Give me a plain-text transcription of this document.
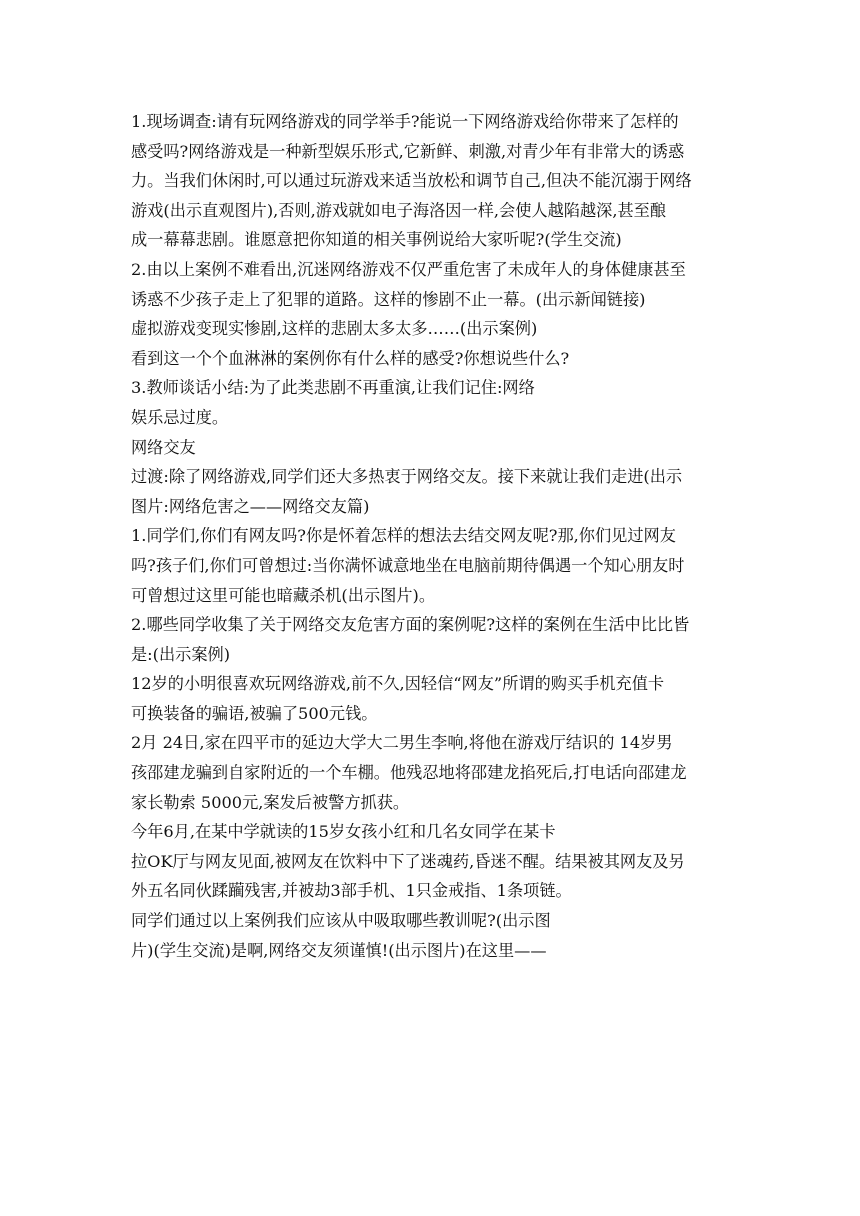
1.现场调查:请有玩网络游戏的同学举手?能说一下网络游戏给你带来了怎样的
感受吗?网络游戏是一种新型娱乐形式,它新鲜、刺激,对青少年有非常大的诱惑
力。当我们休闲时,可以通过玩游戏来适当放松和调节自己,但决不能沉溺于网络
游戏(出示直观图片),否则,游戏就如电子海洛因一样,会使人越陷越深,甚至酿
成一幕幕悲剧。谁愿意把你知道的相关事例说给大家听呢?(学生交流)
2.由以上案例不难看出,沉迷网络游戏不仅严重危害了未成年人的身体健康甚至
诱惑不少孩子走上了犯罪的道路。这样的惨剧不止一幕。(出示新闻链接)
虚拟游戏变现实惨剧,这样的悲剧太多太多……(出示案例)
看到这一个个血淋淋的案例你有什么样的感受?你想说些什么?
3.教师谈话小结:为了此类悲剧不再重演,让我们记住:网络
娱乐忌过度。
网络交友
过渡:除了网络游戏,同学们还大多热衷于网络交友。接下来就让我们走进(出示
图片:网络危害之——网络交友篇)
1.同学们,你们有网友吗?你是怀着怎样的想法去结交网友呢?那,你们见过网友
吗?孩子们,你们可曾想过:当你满怀诚意地坐在电脑前期待偶遇一个知心朋友时
可曾想过这里可能也暗藏杀机(出示图片)。
2.哪些同学收集了关于网络交友危害方面的案例呢?这样的案例在生活中比比皆
是:(出示案例)
12岁的小明很喜欢玩网络游戏,前不久,因轻信“网友”所谓的购买手机充值卡
可换装备的骗语,被骗了500元钱。
2月 24日,家在四平市的延边大学大二男生李响,将他在游戏厅结识的 14岁男
孩邵建龙骗到自家附近的一个车棚。他残忍地将邵建龙掐死后,打电话向邵建龙
家长勒索 5000元,案发后被警方抓获。
今年6月,在某中学就读的15岁女孩小红和几名女同学在某卡
拉OK厅与网友见面,被网友在饮料中下了迷魂药,昏迷不醒。结果被其网友及另
外五名同伙蹂躏残害,并被劫3部手机、1只金戒指、1条项链。
同学们通过以上案例我们应该从中吸取哪些教训呢?(出示图
片)(学生交流)是啊,网络交友须谨慎!(出示图片)在这里——
